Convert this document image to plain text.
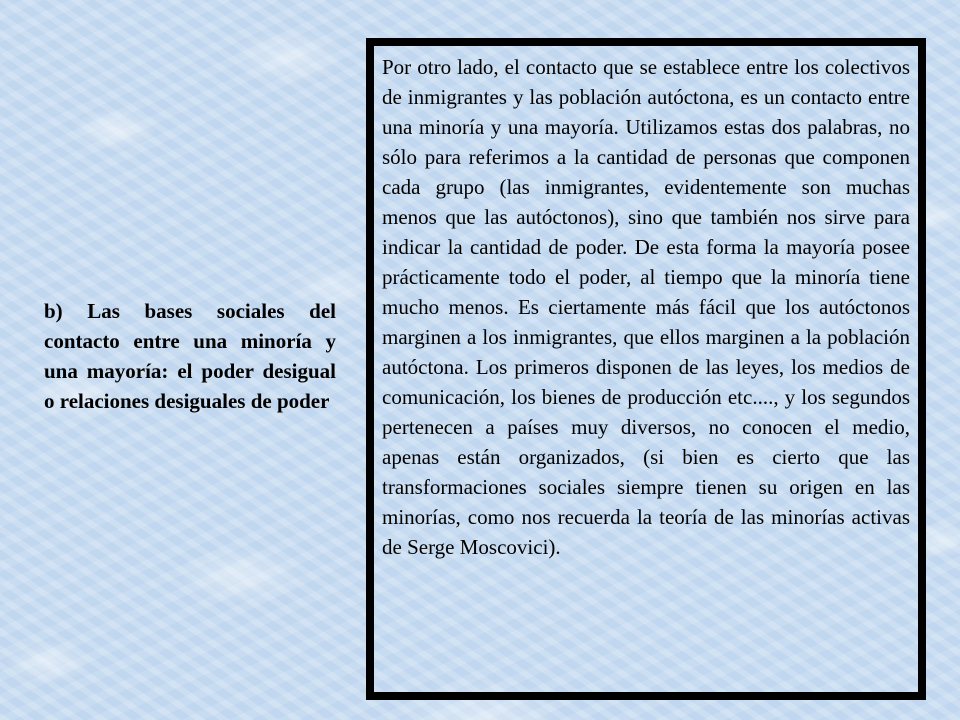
b) Las bases sociales del contacto entre una minoría y una mayoría: el poder desigual o relaciones desiguales de poder

Por otro lado, el contacto que se establece entre los colectivos de inmigrantes y las población autóctona, es un contacto entre una minoría y una mayoría. Utilizamos estas dos palabras, no sólo para referimos a la cantidad de personas que componen cada grupo (las inmigrantes, evidentemente son muchas menos que las autóctonos), sino que también nos sirve para indicar la cantidad de poder. De esta forma la mayoría posee prácticamente todo el poder, al tiempo que la minoría tiene mucho menos. Es ciertamente más fácil que los autóctonos marginen a los inmigrantes, que ellos marginen a la población autóctona. Los primeros disponen de las leyes, los medios de comunicación, los bienes de producción etc...., y los segundos pertenecen a países muy diversos, no conocen el medio, apenas están organizados, (si bien es cierto que las transformaciones sociales siempre tienen su origen en las minorías, como nos recuerda la teoría de las minorías activas de Serge Moscovici).
